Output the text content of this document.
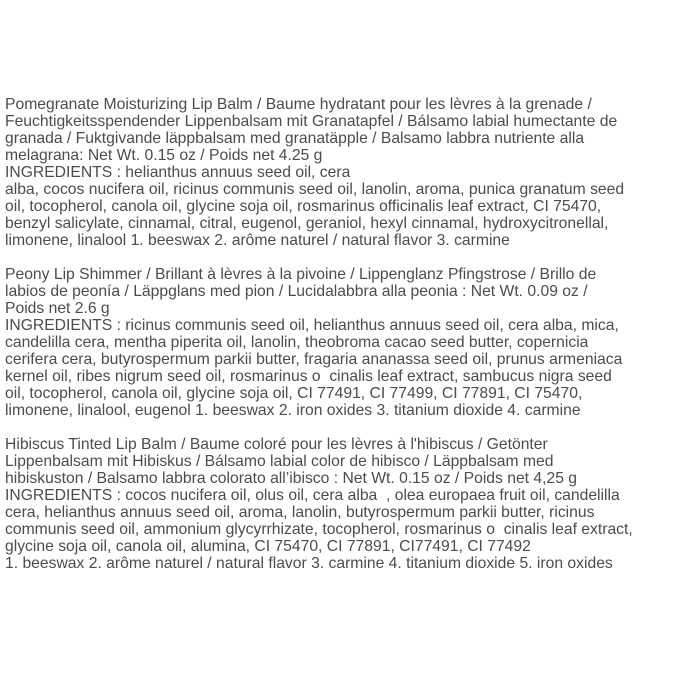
Pomegranate Moisturizing Lip Balm / Baume hydratant pour les lèvres à la grenade /
Feuchtigkeitsspendender Lippenbalsam mit Granatapfel / Bálsamo labial humectante de
granada / Fuktgivande läppbalsam med granatäpple / Balsamo labbra nutriente alla
melagrana: Net Wt. 0.15 oz / Poids net 4.25 g
INGREDIENTS : helianthus annuus seed oil, cera
alba, cocos nucifera oil, ricinus communis seed oil, lanolin, aroma, punica granatum seed
oil, tocopherol, canola oil, glycine soja oil, rosmarinus officinalis leaf extract, CI 75470,
benzyl salicylate, cinnamal, citral, eugenol, geraniol, hexyl cinnamal, hydroxycitronellal,
limonene, linalool 1. beeswax 2. arôme naturel / natural flavor 3. carmine
Peony Lip Shimmer / Brillant à lèvres à la pivoine / Lippenglanz Pfingstrose / Brillo de
labios de peonía / Läppglans med pion / Lucidalabbra alla peonia : Net Wt. 0.09 oz /
Poids net 2.6 g
INGREDIENTS : ricinus communis seed oil, helianthus annuus seed oil, cera alba, mica,
candelilla cera, mentha piperita oil, lanolin, theobroma cacao seed butter, copernicia
cerifera cera, butyrospermum parkii butter, fragaria ananassa seed oil, prunus armeniaca
kernel oil, ribes nigrum seed oil, rosmarinus o  cinalis leaf extract, sambucus nigra seed
oil, tocopherol, canola oil, glycine soja oil, CI 77491, CI 77499, CI 77891, CI 75470,
limonene, linalool, eugenol 1. beeswax 2. iron oxides 3. titanium dioxide 4. carmine
Hibiscus Tinted Lip Balm / Baume coloré pour les lèvres à l'hibiscus / Getönter
Lippenbalsam mit Hibiskus / Bálsamo labial color de hibisco / Läppbalsam med
hibiskuston / Balsamo labbra colorato all’ibisco : Net Wt. 0.15 oz / Poids net 4,25 g
INGREDIENTS : cocos nucifera oil, olus oil, cera alba  , olea europaea fruit oil, candelilla
cera, helianthus annuus seed oil, aroma, lanolin, butyrospermum parkii butter, ricinus
communis seed oil, ammonium glycyrrhizate, tocopherol, rosmarinus o  cinalis leaf extract,
glycine soja oil, canola oil, alumina, CI 75470, CI 77891, CI77491, CI 77492
1. beeswax 2. arôme naturel / natural flavor 3. carmine 4. titanium dioxide 5. iron oxides
